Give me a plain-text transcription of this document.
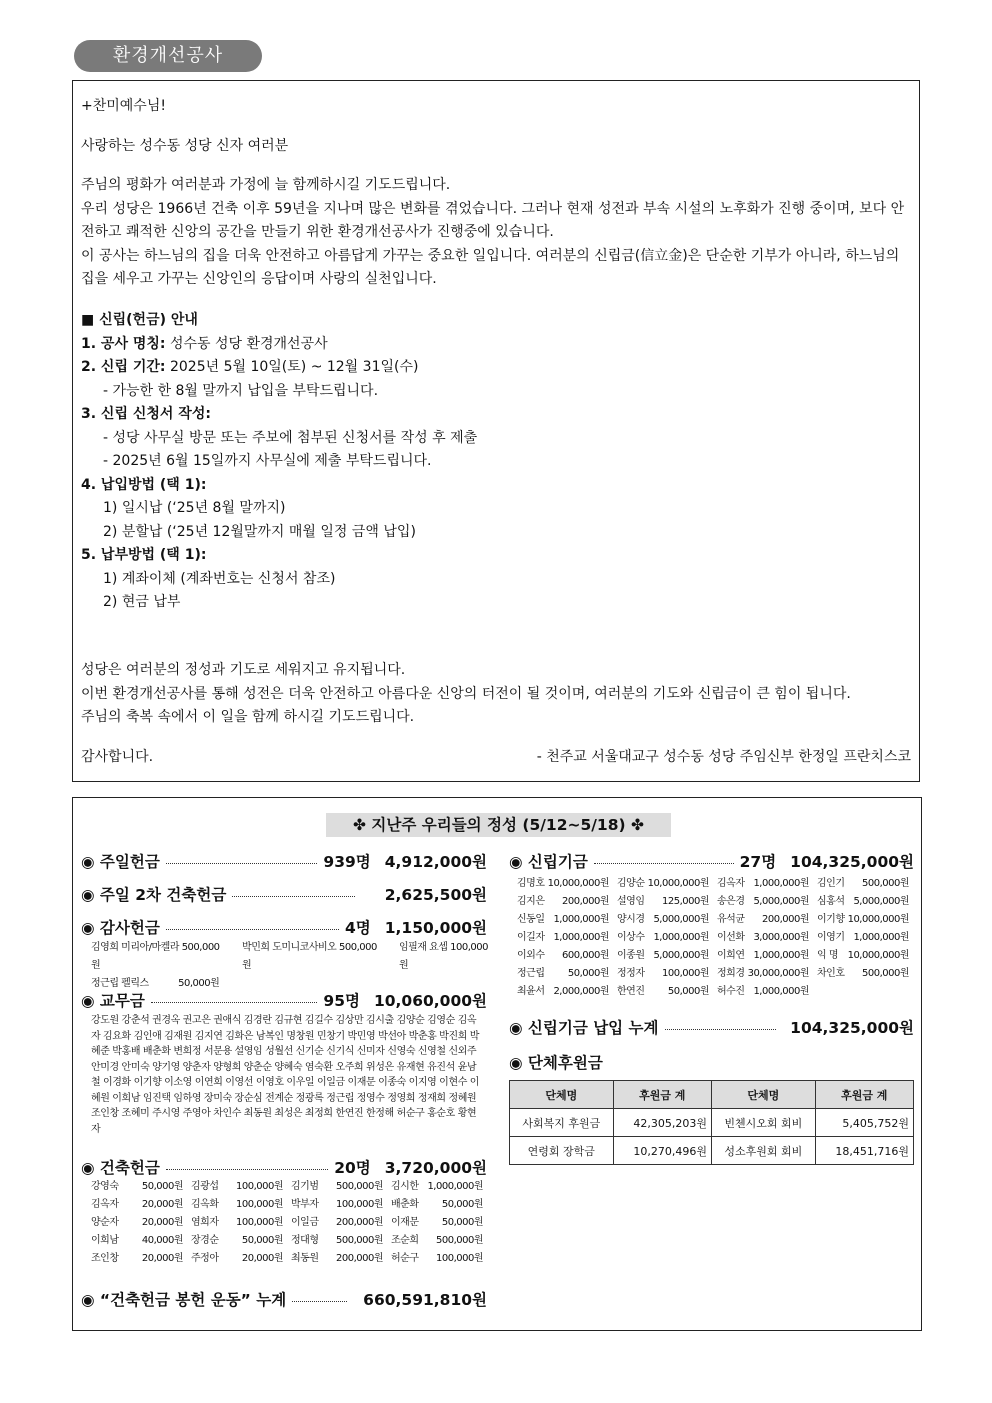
환경개선공사
+찬미예수님!
사랑하는 성수동 성당 신자 여러분
주님의 평화가 여러분과 가정에 늘 함께하시길 기도드립니다.
우리 성당은 1966년 건축 이후 59년을 지나며 많은 변화를 겪었습니다. 그러나 현재 성전과 부속 시설의 노후화가 진행 중이며, 보다 안전하고 쾌적한 신앙의 공간을 만들기 위한 환경개선공사가 진행중에 있습니다.
이 공사는 하느님의 집을 더욱 안전하고 아름답게 가꾸는 중요한 일입니다. 여러분의 신립금(信立金)은 단순한 기부가 아니라, 하느님의 집을 세우고 가꾸는 신앙인의 응답이며 사랑의 실천입니다.
■ 신립(헌금) 안내
1. 공사 명칭: 성수동 성당 환경개선공사
2. 신립 기간: 2025년 5월 10일(토) ~ 12월 31일(수)
- 가능한 한 8월 말까지 납입을 부탁드립니다.
3. 신립 신청서 작성:
- 성당 사무실 방문 또는 주보에 첨부된 신청서를 작성 후 제출
- 2025년 6월 15일까지 사무실에 제출 부탁드립니다.
4. 납입방법 (택 1):
1) 일시납 (‘25년 8월 말까지)
2) 분할납 (‘25년 12월말까지 매월 일정 금액 납입)
5. 납부방법 (택 1):
1) 계좌이체 (계좌번호는 신청서 참조)
2) 현금 납부
성당은 여러분의 정성과 기도로 세워지고 유지됩니다.
이번 환경개선공사를 통해 성전은 더욱 안전하고 아름다운 신앙의 터전이 될 것이며, 여러분의 기도와 신립금이 큰 힘이 됩니다.
주님의 축복 속에서 이 일을 함께 하시길 기도드립니다.
감사합니다.	- 천주교 서울대교구 성수동 성당 주임신부 한정일 프란치스코
✤ 지난주 우리들의 정성 (5/12~5/18) ✤
◉ 주일헌금	939명 4,912,000원
◉ 주일 2차 건축헌금	2,625,500원
◉ 감사헌금	4명 1,150,000원
김영희 미리아/마켈라 500,000원
박민희 도미니코사비오 500,000원
임필재 요셉 100,000원
정근립 펠릭스	50,000원
◉ 교무금	95명 10,060,000원
강도원 강춘석 권경옥 권고은 권애식 김경란 김규현 김길수 김상만 김시출 김양순 김영순 김옥자 김요화 김인애 김재원 김지연 김화은 남복인 명창원 민창기 박민영 박선아 박춘홍 박진희 박혜준 박홍배 배춘화 변희정 서문용 설영임 성월선 신기순 신기식 신미자 신영숙 신영철 신외주 안미경 안미숙 양기영 양춘자 양형희 양춘순 양혜숙 염숙환 오주희 위성은 유재현 유진석 윤남철 이경화 이기향 이소영 이연희 이영선 이영호 이우일 이일금 이재문 이종숙 이지영 이현수 이혜원 이희남 임진택 임하영 장미숙 장순심 전계순 정광록 정근립 정영수 정영희 정재희 정혜원 조인창 조혜미 주시영 주영아 차인수 최동원 최성은 최정희 한연진 한정해 허순구 홍순호 황현자
◉ 건축헌금	20명 3,720,000원
강영숙 50,000원 김광섭 100,000원 김기범 500,000원 김시한 1,000,000원
김옥자 20,000원 김옥화 100,000원 박부자 100,000원 배춘화 50,000원
양순자 20,000원 염희자 100,000원 이일금 200,000원 이재문 50,000원
이희남 40,000원 장경순 50,000원 정대형 500,000원 조순희 500,000원
조인창 20,000원 주정아 20,000원 최동원 200,000원 허순구 100,000원
◉ “건축헌금 봉헌 운동” 누계	660,591,810원
◉ 신립기금	27명 104,325,000원
김명호 10,000,000원 김양순 10,000,000원 김옥자 1,000,000원 김인기 500,000원
김지은 200,000원 설영임 125,000원 송은경 5,000,000원 심홍석 5,000,000원
신동일 1,000,000원 양시경 5,000,000원 유석균 200,000원 이기향 10,000,000원
이길자 1,000,000원 이상수 1,000,000원 이선화 3,000,000원 이영기 1,000,000원
이외수 600,000원 이종원 5,000,000원 이희연 1,000,000원 익 명 10,000,000원
정근립 50,000원 정정자 100,000원 정희경 30,000,000원 차인호 500,000원
최윤서 2,000,000원 한연진 50,000원 허수진 1,000,000원
◉ 신립기금 납입 누계	104,325,000원
◉ 단체후원금
단체명	후원금 계	단체명	후원금 계
사회복지 후원금	42,305,203원	빈첸시오회 회비	5,405,752원
연령회 장학금	10,270,496원	성소후원회 회비	18,451,716원
